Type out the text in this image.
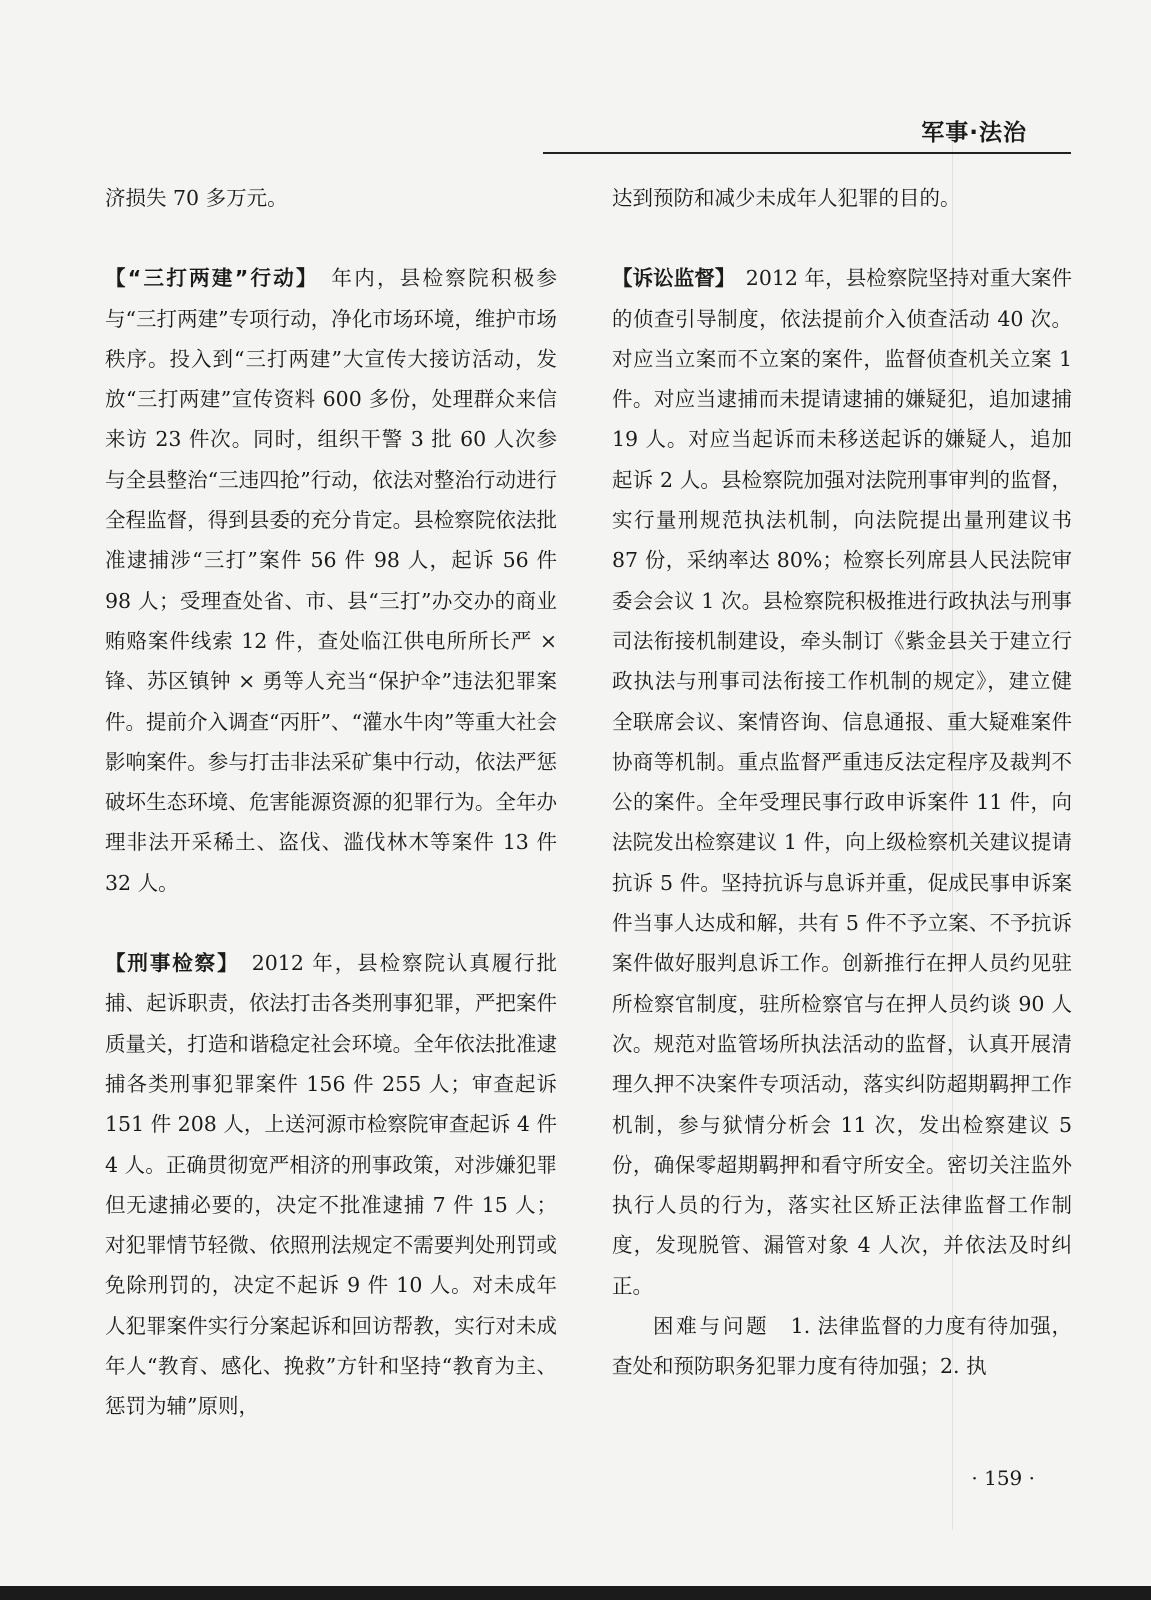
军事·法治

济损失 70 多万元。

【“三打两建”行动】　年内，县检察院积极参与“三打两建”专项行动，净化市场环境，维护市场秩序。投入到“三打两建”大宣传大接访活动，发放“三打两建”宣传资料 600 多份，处理群众来信来访 23 件次。同时，组织干警 3 批 60 人次参与全县整治“三违四抢”行动，依法对整治行动进行全程监督，得到县委的充分肯定。县检察院依法批准逮捕涉“三打”案件 56 件 98 人，起诉 56 件 98 人；受理查处省、市、县“三打”办交办的商业贿赂案件线索 12 件，查处临江供电所所长严 × 锋、苏区镇钟 × 勇等人充当“保护伞”违法犯罪案件。提前介入调查“丙肝”、“灌水牛肉”等重大社会影响案件。参与打击非法采矿集中行动，依法严惩破坏生态环境、危害能源资源的犯罪行为。全年办理非法开采稀土、盗伐、滥伐林木等案件 13 件 32 人。

【刑事检察】　2012 年，县检察院认真履行批捕、起诉职责，依法打击各类刑事犯罪，严把案件质量关，打造和谐稳定社会环境。全年依法批准逮捕各类刑事犯罪案件 156 件 255 人；审查起诉 151 件 208 人，上送河源市检察院审查起诉 4 件 4 人。正确贯彻宽严相济的刑事政策，对涉嫌犯罪但无逮捕必要的，决定不批准逮捕 7 件 15 人；对犯罪情节轻微、依照刑法规定不需要判处刑罚或免除刑罚的，决定不起诉 9 件 10 人。对未成年人犯罪案件实行分案起诉和回访帮教，实行对未成年人“教育、感化、挽救”方针和坚持“教育为主、惩罚为辅”原则，

达到预防和减少未成年人犯罪的目的。

【诉讼监督】　2012 年，县检察院坚持对重大案件的侦查引导制度，依法提前介入侦查活动 40 次。对应当立案而不立案的案件，监督侦查机关立案 1 件。对应当逮捕而未提请逮捕的嫌疑犯，追加逮捕 19 人。对应当起诉而未移送起诉的嫌疑人，追加起诉 2 人。县检察院加强对法院刑事审判的监督，实行量刑规范执法机制，向法院提出量刑建议书 87 份，采纳率达 80%；检察长列席县人民法院审委会会议 1 次。县检察院积极推进行政执法与刑事司法衔接机制建设，牵头制订《紫金县关于建立行政执法与刑事司法衔接工作机制的规定》，建立健全联席会议、案情咨询、信息通报、重大疑难案件协商等机制。重点监督严重违反法定程序及裁判不公的案件。全年受理民事行政申诉案件 11 件，向法院发出检察建议 1 件，向上级检察机关建议提请抗诉 5 件。坚持抗诉与息诉并重，促成民事申诉案件当事人达成和解，共有 5 件不予立案、不予抗诉案件做好服判息诉工作。创新推行在押人员约见驻所检察官制度，驻所检察官与在押人员约谈 90 人次。规范对监管场所执法活动的监督，认真开展清理久押不决案件专项活动，落实纠防超期羁押工作机制，参与狱情分析会 11 次，发出检察建议 5 份，确保零超期羁押和看守所安全。密切关注监外执行人员的行为，落实社区矫正法律监督工作制度，发现脱管、漏管对象 4 人次，并依法及时纠正。

困难与问题　1. 法律监督的力度有待加强，查处和预防职务犯罪力度有待加强；2. 执

· 159 ·
